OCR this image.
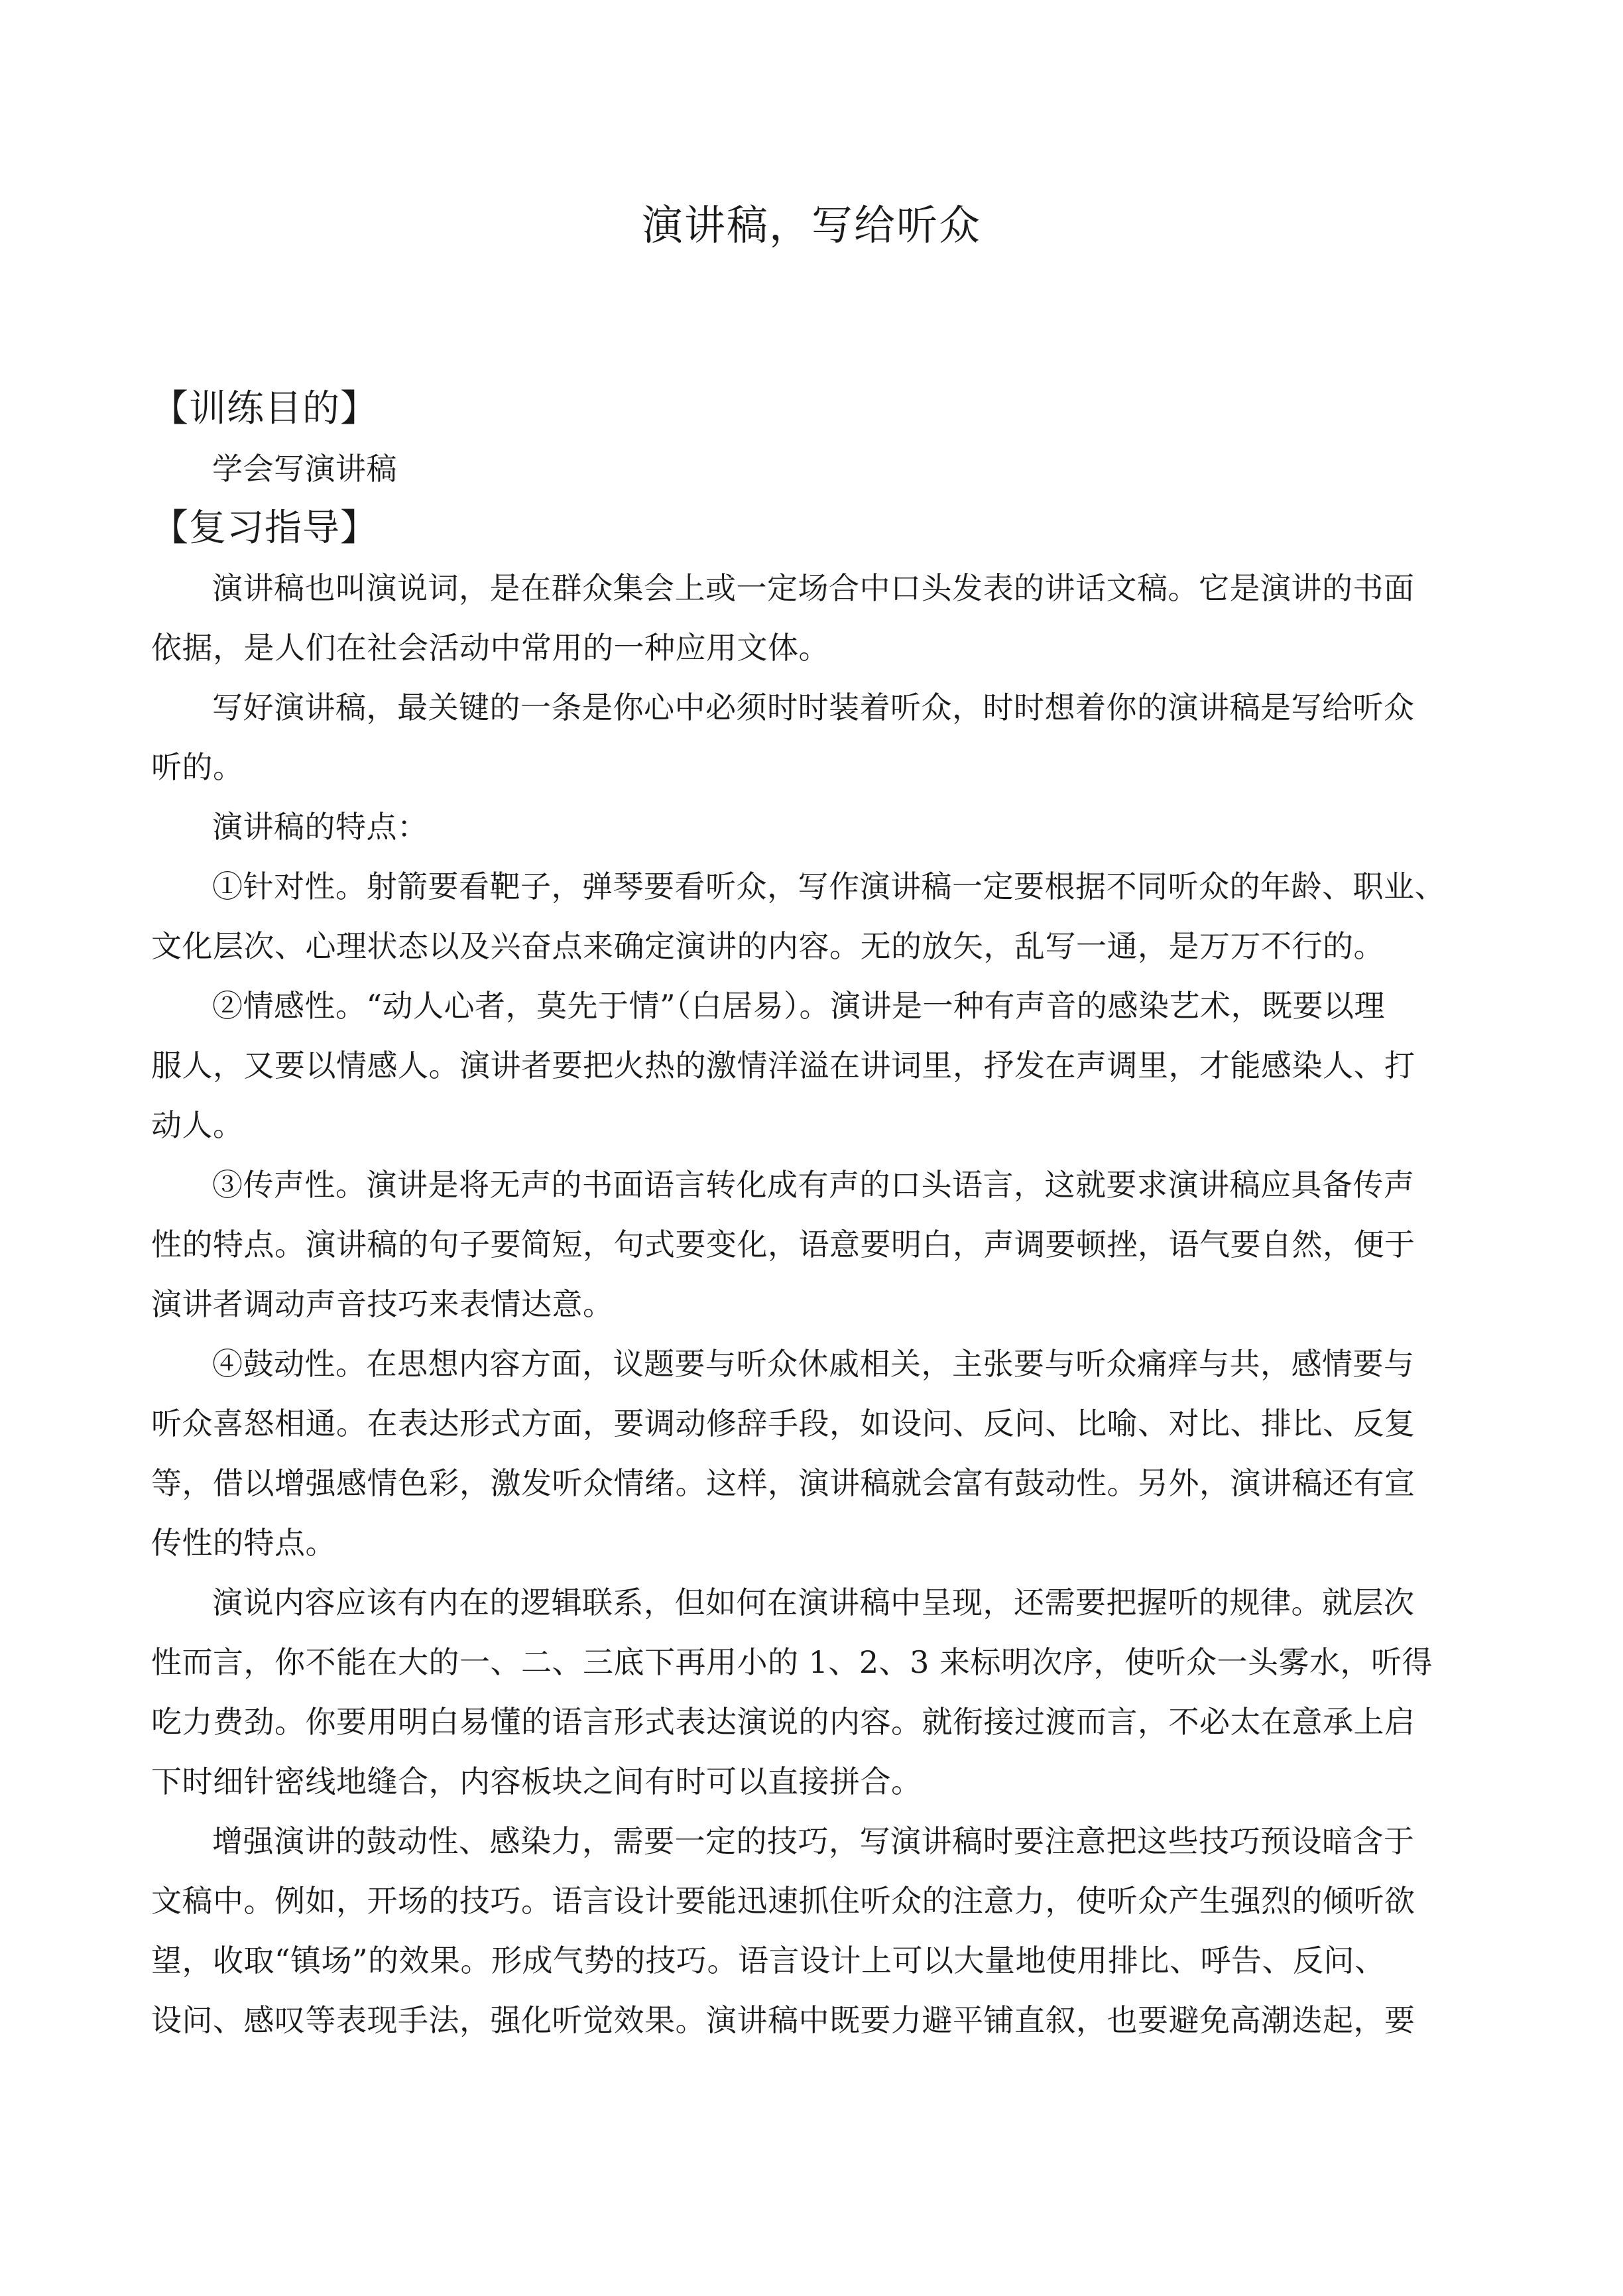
演讲稿，写给听众
【训练目的】

学会写演讲稿

【复习指导】

演讲稿也叫演说词，是在群众集会上或一定场合中口头发表的讲话文稿。它是演讲的书面

依据，是人们在社会活动中常用的一种应用文体。

写好演讲稿，最关键的一条是你心中必须时时装着听众，时时想着你的演讲稿是写给听众

听的。

演讲稿的特点：

①针对性。射箭要看靶子，弹琴要看听众，写作演讲稿一定要根据不同听众的年龄、职业、

文化层次、心理状态以及兴奋点来确定演讲的内容。无的放矢，乱写一通，是万万不行的。

②情感性。“动人心者，莫先于情”（白居易）。演讲是一种有声音的感染艺术，既要以理

服人，又要以情感人。演讲者要把火热的激情洋溢在讲词里，抒发在声调里，才能感染人、打

动人。

③传声性。演讲是将无声的书面语言转化成有声的口头语言，这就要求演讲稿应具备传声

性的特点。演讲稿的句子要简短，句式要变化，语意要明白，声调要顿挫，语气要自然，便于

演讲者调动声音技巧来表情达意。

④鼓动性。在思想内容方面，议题要与听众休戚相关，主张要与听众痛痒与共，感情要与

听众喜怒相通。在表达形式方面，要调动修辞手段，如设问、反问、比喻、对比、排比、反复

等，借以增强感情色彩，激发听众情绪。这样，演讲稿就会富有鼓动性。另外，演讲稿还有宣

传性的特点。

演说内容应该有内在的逻辑联系，但如何在演讲稿中呈现，还需要把握听的规律。就层次

性而言，你不能在大的一、二、三底下再用小的 1、2、3 来标明次序，使听众一头雾水，听得

吃力费劲。你要用明白易懂的语言形式表达演说的内容。就衔接过渡而言，不必太在意承上启

下时细针密线地缝合，内容板块之间有时可以直接拼合。

增强演讲的鼓动性、感染力，需要一定的技巧，写演讲稿时要注意把这些技巧预设暗含于

文稿中。例如，开场的技巧。语言设计要能迅速抓住听众的注意力，使听众产生强烈的倾听欲

望，收取“镇场”的效果。形成气势的技巧。语言设计上可以大量地使用排比、呼告、反问、

设问、感叹等表现手法，强化听觉效果。演讲稿中既要力避平铺直叙，也要避免高潮迭起，要
